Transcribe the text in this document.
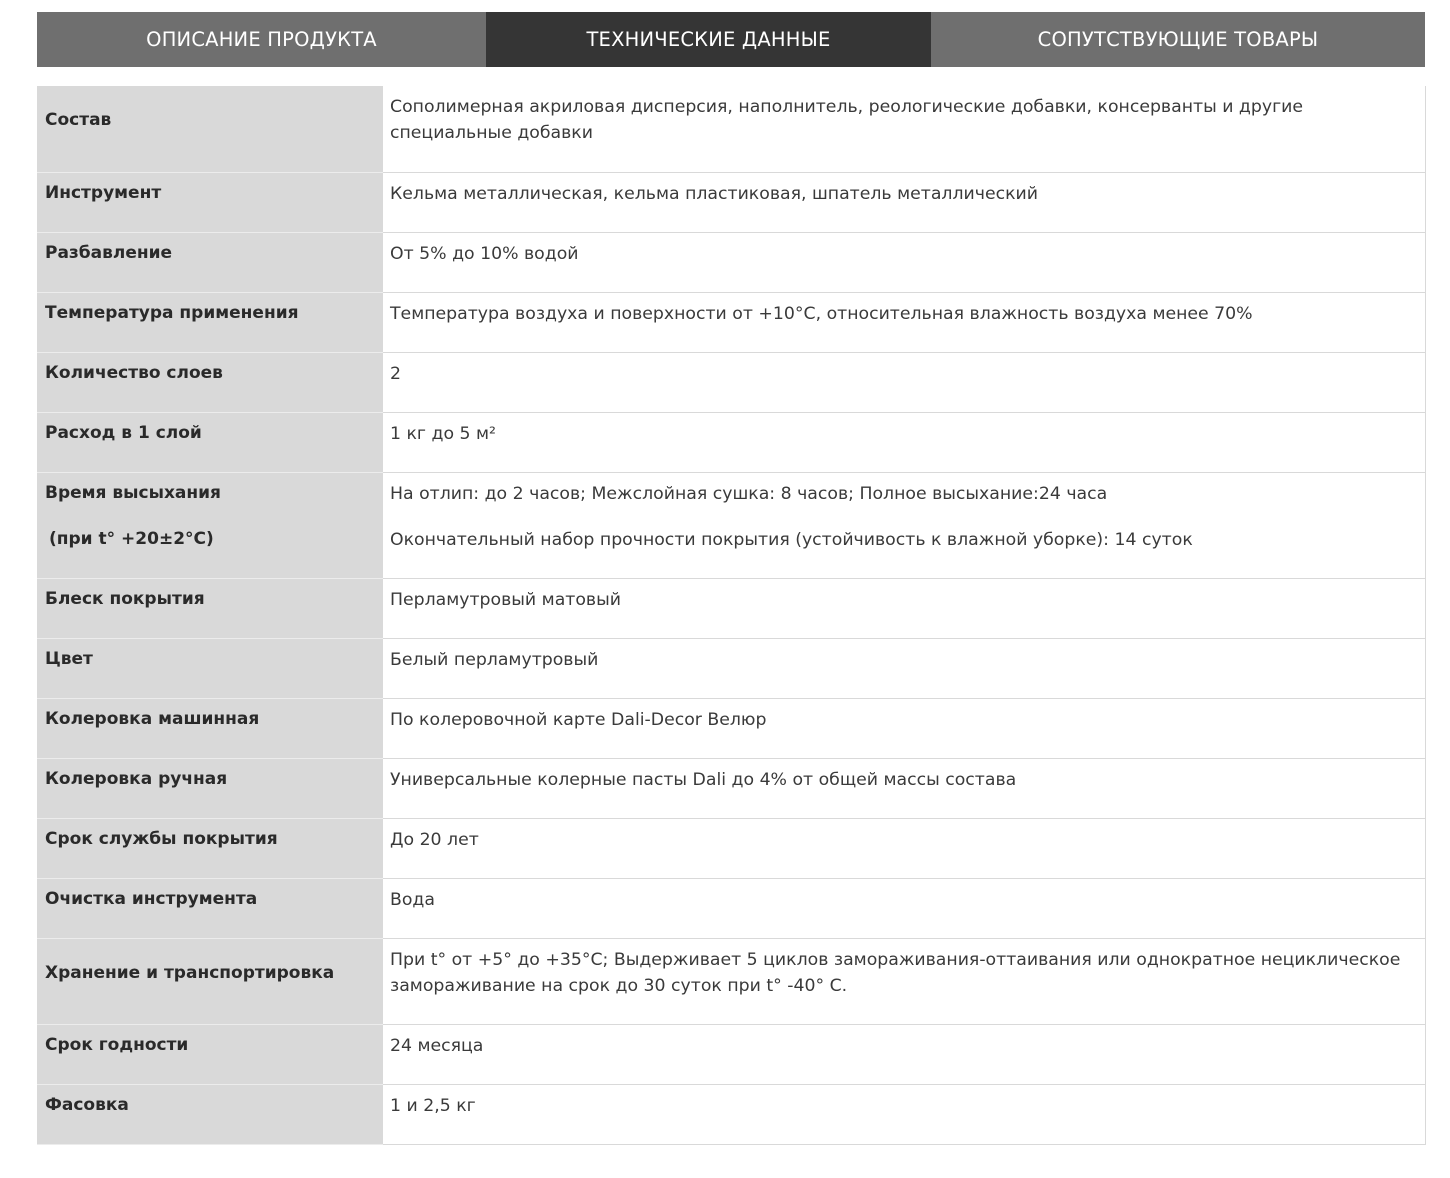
ОПИСАНИЕ ПРОДУКТА	ТЕХНИЧЕСКИЕ ДАННЫЕ	СОПУТСТВУЮЩИЕ ТОВАРЫ
Состав	Сополимерная акриловая дисперсия, наполнитель, реологические добавки, консерванты и другие специальные добавки

Инструмент	Кельма металлическая, кельма пластиковая, шпатель металлический

Разбавление	От 5% до 10% водой

Температура применения	Температура воздуха и поверхности от +10°С, относительная влажность воздуха менее 70%

Количество слоев	2

Расход в 1 слой	1 кг до 5 м²

Время высыхания
(при t° +20±2°С)	На отлип: до 2 часов; Межслойная сушка: 8 часов; Полное высыхание:24 часа
Окончательный набор прочности покрытия (устойчивость к влажной уборке): 14 суток

Блеск покрытия	Перламутровый матовый

Цвет	Белый перламутровый

Колеровка машинная	По колеровочной карте Dali-Decor Велюр

Колеровка ручная	Универсальные колерные пасты Dali до 4% от общей массы состава

Срок службы покрытия	До 20 лет

Очистка инструмента	Вода

Хранение и транспортировка	При t° от +5° до +35°С; Выдерживает 5 циклов замораживания-оттаивания или однократное нециклическое замораживание на срок до 30 суток при t° -40° С.

Срок годности	24 месяца

Фасовка	1 и 2,5 кг
